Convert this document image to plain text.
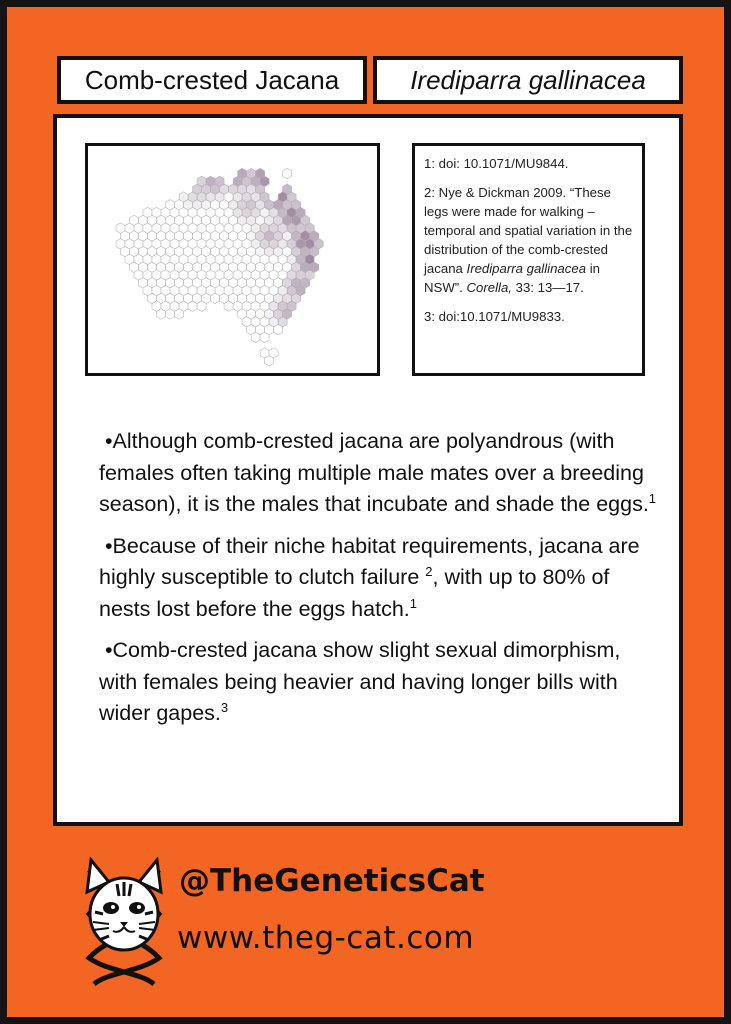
Comb-crested Jacana	Irediparra gallinacea

1: doi: 10.1071/MU9844.

2: Nye & Dickman 2009. “These legs were made for walking – temporal and spatial variation in the distribution of the comb-crested jacana Irediparra gallinacea in NSW”. Corella, 33: 13—17.

3: doi:10.1071/MU9833.

•Although comb-crested jacana are polyandrous (with females often taking multiple male mates over a breeding season), it is the males that incubate and shade the eggs.$^1$

•Because of their niche habitat requirements, jacana are highly susceptible to clutch failure $^2$, with up to 80% of nests lost before the eggs hatch.$^1$

•Comb-crested jacana show slight sexual dimorphism, with females being heavier and having longer bills with wider gapes.$^3$

@TheGeneticsCat
www.theg-cat.com
